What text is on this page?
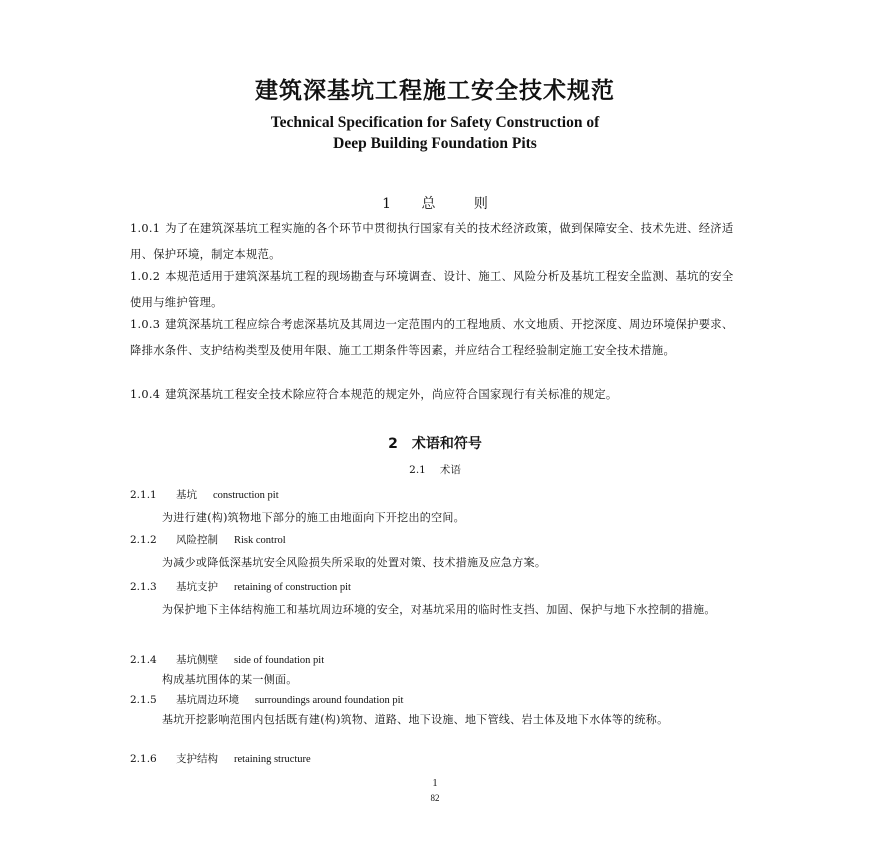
建筑深基坑工程施工安全技术规范
Technical Specification for Safety Construction of
Deep Building Foundation Pits
1 总	则
1.0.1 为了在建筑深基坑工程实施的各个环节中贯彻执行国家有关的技术经济政策，做到保障安全、技术先进、经济适用、保护环境，制定本规范。
1.0.2 本规范适用于建筑深基坑工程的现场勘查与环境调查、设计、施工、风险分析及基坑工程安全监测、基坑的安全使用与维护管理。
1.0.3 建筑深基坑工程应综合考虑深基坑及其周边一定范围内的工程地质、水文地质、开挖深度、周边环境保护要求、降排水条件、支护结构类型及使用年限、施工工期条件等因素，并应结合工程经验制定施工安全技术措施。
1.0.4 建筑深基坑工程安全技术除应符合本规范的规定外，尚应符合国家现行有关标准的规定。
2 术语和符号
2.1 术语
2.1.1 基坑 construction pit
为进行建(构)筑物地下部分的施工由地面向下开挖出的空间。
2.1.2 风险控制 Risk control
为减少或降低深基坑安全风险损失所采取的处置对策、技术措施及应急方案。
2.1.3 基坑支护 retaining of construction pit
为保护地下主体结构施工和基坑周边环境的安全，对基坑采用的临时性支挡、加固、保护与地下水控制的措施。
2.1.4 基坑侧壁 side of foundation pit
构成基坑围体的某一侧面。
2.1.5 基坑周边环境 surroundings around foundation pit
基坑开挖影响范围内包括既有建(构)筑物、道路、地下设施、地下管线、岩土体及地下水体等的统称。
2.1.6 支护结构 retaining structure
1
82
